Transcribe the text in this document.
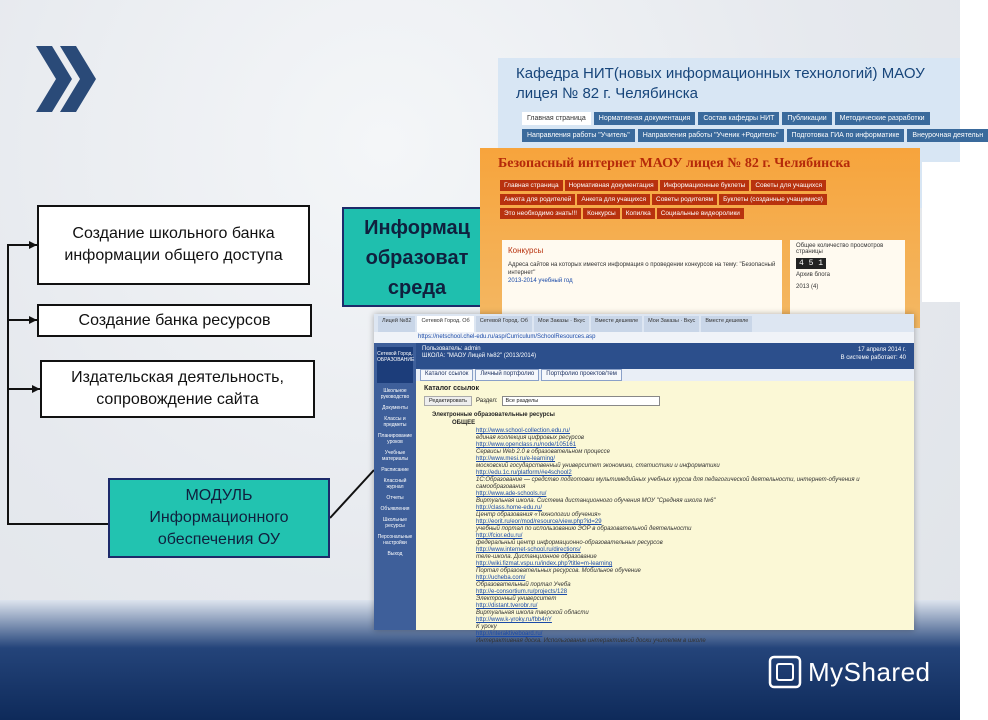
Создание школьного банка информации общего доступа
Создание банка ресурсов
Издательская деятельность, сопровождение сайта
МОДУЛЬ Информационного обеспечения ОУ
Информац
образоват
среда
Кафедра НИТ(новых информационных технологий) МАОУ лицея № 82 г. Челябинска
Главная страница	Нормативная документация	Состав кафедры НИТ	Публикации	Методические разработки
Направления работы "Учитель"	Направления работы "Ученик +Родитель"	Подготовка ГИА по информатике	Внеурочная деятельн
Безопасный интернет МАОУ лицея № 82 г. Челябинска
Главная страница	Нормативная документация	Информационные буклеты	Советы для учащихся
Анкета для родителей	Анкета для учащихся	Советы родителям	Буклеты (созданные учащимися)
Это необходимо знать!!!	Конкурсы	Копилка	Социальные видеоролики
Конкурсы
Адреса сайтов на которых имеется информация о проведении конкурсов на тему: "Безопасный интернет"
2013-2014 учебный год
Общее количество просмотров страницы
4 5 1
Архив блога
2013 (4)
Лицей №82	Сетевой Город. Об	Сетевой Город. Об	Мои Заказы · Вкус	Вместе дешевле	Мои Заказы · Вкус	Вместе дешевле
https://netschool.chel-edu.ru/asp/Curriculum/SchoolResources.asp
Сетевой Город. ОБРАЗОВАНИЕ
Школьное руководство
Документы
Классы и предметы
Планирование уроков
Учебные материалы
Расписание
Классный журнал
Отчеты
Объявления
Школьные ресурсы
Персональные настройки
Выход
Пользователь: admin
ШКОЛА: "МАОУ Лицей №82" (2013/2014)
17 апреля 2014 г.
В системе работает: 40
Каталог ссылок	Личный портфолио	Портфолио проектов/тем
Каталог ссылок
Редактировать	Раздел:	Все разделы
Электронные образовательные ресурсы
ОБЩЕЕ
http://www.school-collection.edu.ru/
единая коллекция цифровых ресурсов
http://www.openclass.ru/node/105161
Сервисы Web 2.0 в образовательном процессе
http://www.mesi.ru/e-learning/
московский государственный университет экономики, статистики и информатики
http://edu.1c.ru/platform/#e4school2
1С:Образование — средство подготовки мультимедийных учебных курсов для педагогической деятельности, интернет-обучения и самообразования
http://www.ade-schools.ru/
Виртуальная школа. Система дистанционного обучения МОУ "Средняя школа №6"
http://class.home-edu.ru/
Центр образования «Технологии обучения»
http://eorit.ru/eor/mod/resource/view.php?id=29
учебный портал по использованию ЭОР в образовательной деятельности
http://fcior.edu.ru/
федеральный центр информационно-образовательных ресурсов
http://www.internet-school.ru/directions/
теле-школа. Дистанционное образование
http://wiki.fizmat.vspu.ru/index.php?title=m-learning
Портал образовательных ресурсов. Мобильное обучение
http://ucheba.com/
Образовательный портал Учеба
http://e-consortium.ru/projects/128
Электронный университет
http://distant.tverobr.ru/
Виртуальная школа тверской области
http://www.k-yroky.ru/fbb4nY
К уроку
http://interaktiveboard.ru/
Интерактивная доска. Использование интерактивной доски учителем в школе
MyShared
